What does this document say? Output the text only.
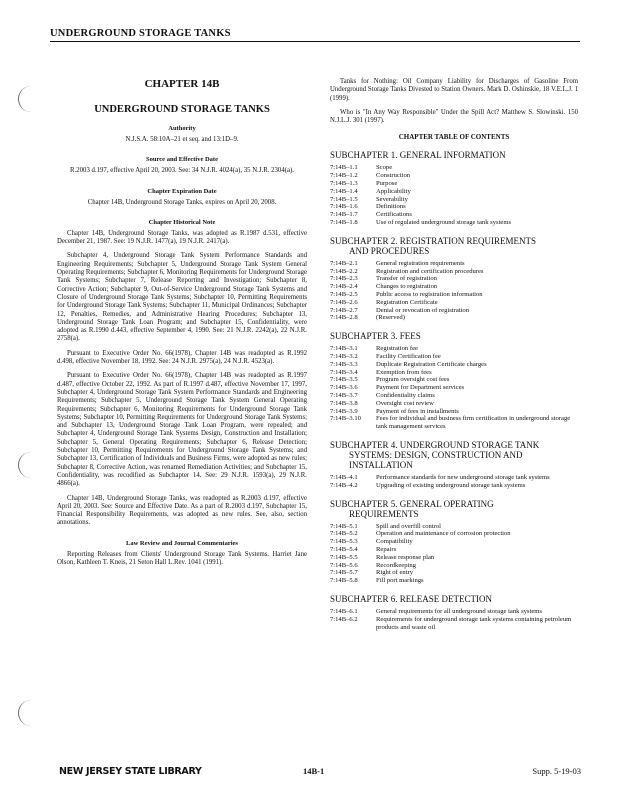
UNDERGROUND STORAGE TANKS
CHAPTER 14B
UNDERGROUND STORAGE TANKS
Authority
N.J.S.A. 58:10A–21 et seq. and 13:1D–9.
Source and Effective Date
R.2003 d.197, effective April 20, 2003. See: 34 N.J.R. 4024(a), 35 N.J.R. 2304(a).
Chapter Expiration Date
Chapter 14B, Underground Storage Tanks, expires on April 20, 2008.
Chapter Historical Note
Chapter 14B, Underground Storage Tanks, was adopted as R.1987 d.531, effective December 21, 1987. See: 19 N.J.R. 1477(a), 19 N.J.R. 2417(a).
Subchapter 4, Underground Storage Tank System Performance Standards and Engineering Requirements; Subchapter 5, Underground Storage Tank System General Operating Requirements; Subchapter 6, Monitoring Requirements for Underground Storage Tank Systems; Subchapter 7, Release Reporting and Investigation; Subchapter 8, Corrective Action; Subchapter 9, Out-of-Service Underground Storage Tank Systems and Closure of Underground Storage Tank Systems; Subchapter 10, Permitting Requirements for Underground Storage Tank Systems; Subchapter 11, Municipal Ordinances; Subchapter 12, Penalties, Remedies, and Administrative Hearing Procedures; Subchapter 13, Underground Storage Tank Loan Program; and Subchapter 15, Confidentiality, were adopted as R.1990 d.443, effective September 4, 1990. See: 21 N.J.R. 2242(a), 22 N.J.R. 2758(a).
Pursuant to Executive Order No. 66(1978), Chapter 14B was readopted as R.1992 d.498, effective November 18, 1992. See: 24 N.J.R. 2975(a), 24 N.J.R. 4523(a).
Pursuant to Executive Order No. 66(1978), Chapter 14B was readopted as R.1997 d.487, effective October 22, 1992. As part of R.1997 d.487, effective November 17, 1997, Subchapter 4, Underground Storage Tank System Performance Standards and Engineering Requirements; Subchapter 5, Underground Storage Tank System General Operating Requirements; Subchapter 6, Monitoring Requirements for Underground Storage Tank Systems; Subchapter 10, Permitting Requirements for Underground Storage Tank Systems; and Subchapter 13, Underground Storage Tank Loan Program, were repealed; and Subchapter 4, Underground Storage Tank Systems Design, Construction and Installation; Subchapter 5, General Operating Requirements; Subchapter 6, Release Detection; Subchapter 10, Permitting Requirements for Underground Storage Tank Systems; and Subchapter 13, Certification of Individuals and Business Firms, were adopted as new rules; Subchapter 8, Corrective Action, was renamed Remediation Activities; and Subchapter 15, Confidentiality, was recodified as Subchapter 14. See: 29 N.J.R. 1593(a), 29 N.J.R. 4866(a).
Chapter 14B, Underground Storage Tanks, was readopted as R.2003 d.197, effective April 20, 2003. See: Source and Effective Date. As a part of R.2003 d.197, Subchapter 15, Financial Responsibility Requirements, was adopted as new rules. See, also, section annotations.
Law Review and Journal Commentaries
Reporting Releases from Clients' Underground Storage Tank Systems. Harriet Jane Olson, Kathleen T. Kneis, 21 Seton Hall L.Rev. 1041 (1991).
Tanks for Nothing: Oil Company Liability for Discharges of Gasoline From Underground Storage Tanks Divested to Station Owners. Mark D. Oshinskie, 18 V.E.L.J. 1 (1999).
Who is "In Any Way Responsible" Under the Spill Act? Matthew S. Slowinski. 150 N.J.L.J. 301 (1997).
CHAPTER TABLE OF CONTENTS
SUBCHAPTER 1. GENERAL INFORMATION
7:14B–1.1	Scope
7:14B–1.2	Construction
7:14B–1.3	Purpose
7:14B–1.4	Applicability
7:14B–1.5	Severability
7:14B–1.6	Definitions
7:14B–1.7	Certifications
7:14B–1.8	Use of regulated underground storage tank systems
SUBCHAPTER 2. REGISTRATION REQUIREMENTS
AND PROCEDURES
7:14B–2.1	General registration requirements
7:14B–2.2	Registration and certification procedures
7:14B–2.3	Transfer of registration
7:14B–2.4	Changes to registration
7:14B–2.5	Public access to registration information
7:14B–2.6	Registration Certificate
7:14B–2.7	Denial or revocation of registration
7:14B–2.8	(Reserved)
SUBCHAPTER 3. FEES
7:14B–3.1	Registration fee
7:14B–3.2	Facility Certification fee
7:14B–3.3	Duplicate Registration Certificate charges
7:14B–3.4	Exemption from fees
7:14B–3.5	Program oversight cost fees
7:14B–3.6	Payment for Department services
7:14B–3.7	Confidentiality claims
7:14B–3.8	Oversight cost review
7:14B–3.9	Payment of fees in installments
7:14B–3.10	Fees for individual and business firm certification in underground storage tank management services
SUBCHAPTER 4. UNDERGROUND STORAGE TANK
SYSTEMS: DESIGN, CONSTRUCTION AND INSTALLATION
7:14B–4.1	Performance standards for new underground storage tank systems
7:14B–4.2	Upgrading of existing underground storage tank systems
SUBCHAPTER 5. GENERAL OPERATING
REQUIREMENTS
7:14B–5.1	Spill and overfill control
7:14B–5.2	Operation and maintenance of corrosion protection
7:14B–5.3	Compatibility
7:14B–5.4	Repairs
7:14B–5.5	Release response plan
7:14B–5.6	Recordkeeping
7:14B–5.7	Right of entry
7:14B–5.8	Fill port markings
SUBCHAPTER 6. RELEASE DETECTION
7:14B–6.1	General requirements for all underground storage tank systems
7:14B–6.2	Requirements for underground storage tank systems containing petroleum products and waste oil
NEW JERSEY STATE LIBRARY	14B-1	Supp. 5-19-03
